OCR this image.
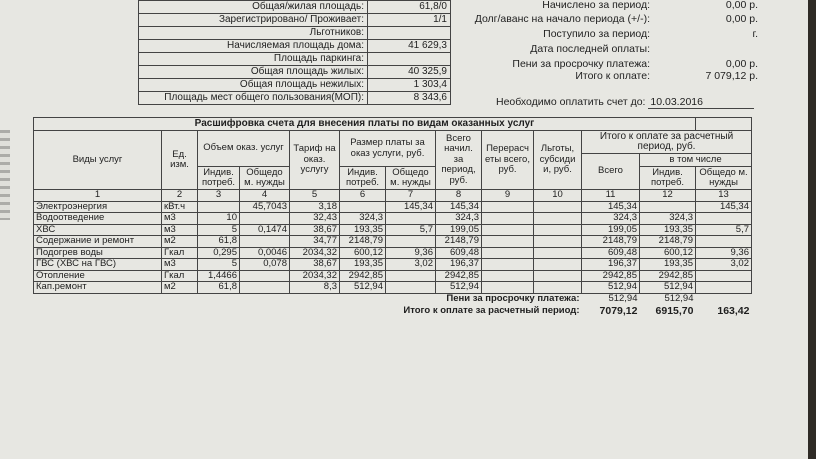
Общая/жилая площадь:	61,8/0
Зарегистрировано/ Проживает:	1/1
Льготников:	
Начисляемая площадь дома:	41 629,3
Площадь паркинга:	
Общая площадь жилых:	40 325,9
Общая площадь нежилых:	1 303,4
Площадь мест общего пользования(МОП):	8 343,6
Начислено за период:	0,00 р.
Долг/аванс на начало периода (+/-):	0,00 р.
Поступило за период:	г.
Дата последней оплаты:
Пени за просрочку платежа:	0,00 р.
Итого к оплате:	7 079,12 р.
Необходимо оплатить счет до: 10.03.2016
Расшифровка счета для внесения платы по видам оказанных услуг												
Виды услуг	Ед. изм.	Объем оказ. услуг		Тариф на оказ. услугу	Размер платы за оказ услуги, руб.		Всего начил. за период, руб.	Перерасч еты всего, руб.	Льготы, субсиди и, руб.	Итого к оплате за расчетный период, руб.		
										Всего	в том числе	
		Индив. потреб.	Общедо м. нужды		Индив. потреб.	Общедо м. нужды					Индив. потреб.	Общедо м. нужды
1	2	3	4	5	6	7	8	9	10	11	12	13
Электроэнергия	кВт.ч		45,7043	3,18		145,34	145,34			145,34		145,34
Водоотведение	м3	10		32,43	324,3		324,3			324,3	324,3	
ХВС	м3	5	0,1474	38,67	193,35	5,7	199,05			199,05	193,35	5,7
Содержание и ремонт	м2	61,8		34,77	2148,79		2148,79			2148,79	2148,79	
Подогрев воды	Гкал	0,295	0,0046	2034,32	600,12	9,36	609,48			609,48	600,12	9,36
ГВС (ХВС на ГВС)	м3	5	0,078	38,67	193,35	3,02	196,37			196,37	193,35	3,02
Отопление	Гкал	1,4466		2034,32	2942,85		2942,85			2942,85	2942,85	
Кап.ремонт	м2	61,8		8,3	512,94		512,94			512,94	512,94	
Пени за просрочку платежа:										512,94	512,94	
Итого к оплате за расчетный период:										7079,12	6915,70	163,42
